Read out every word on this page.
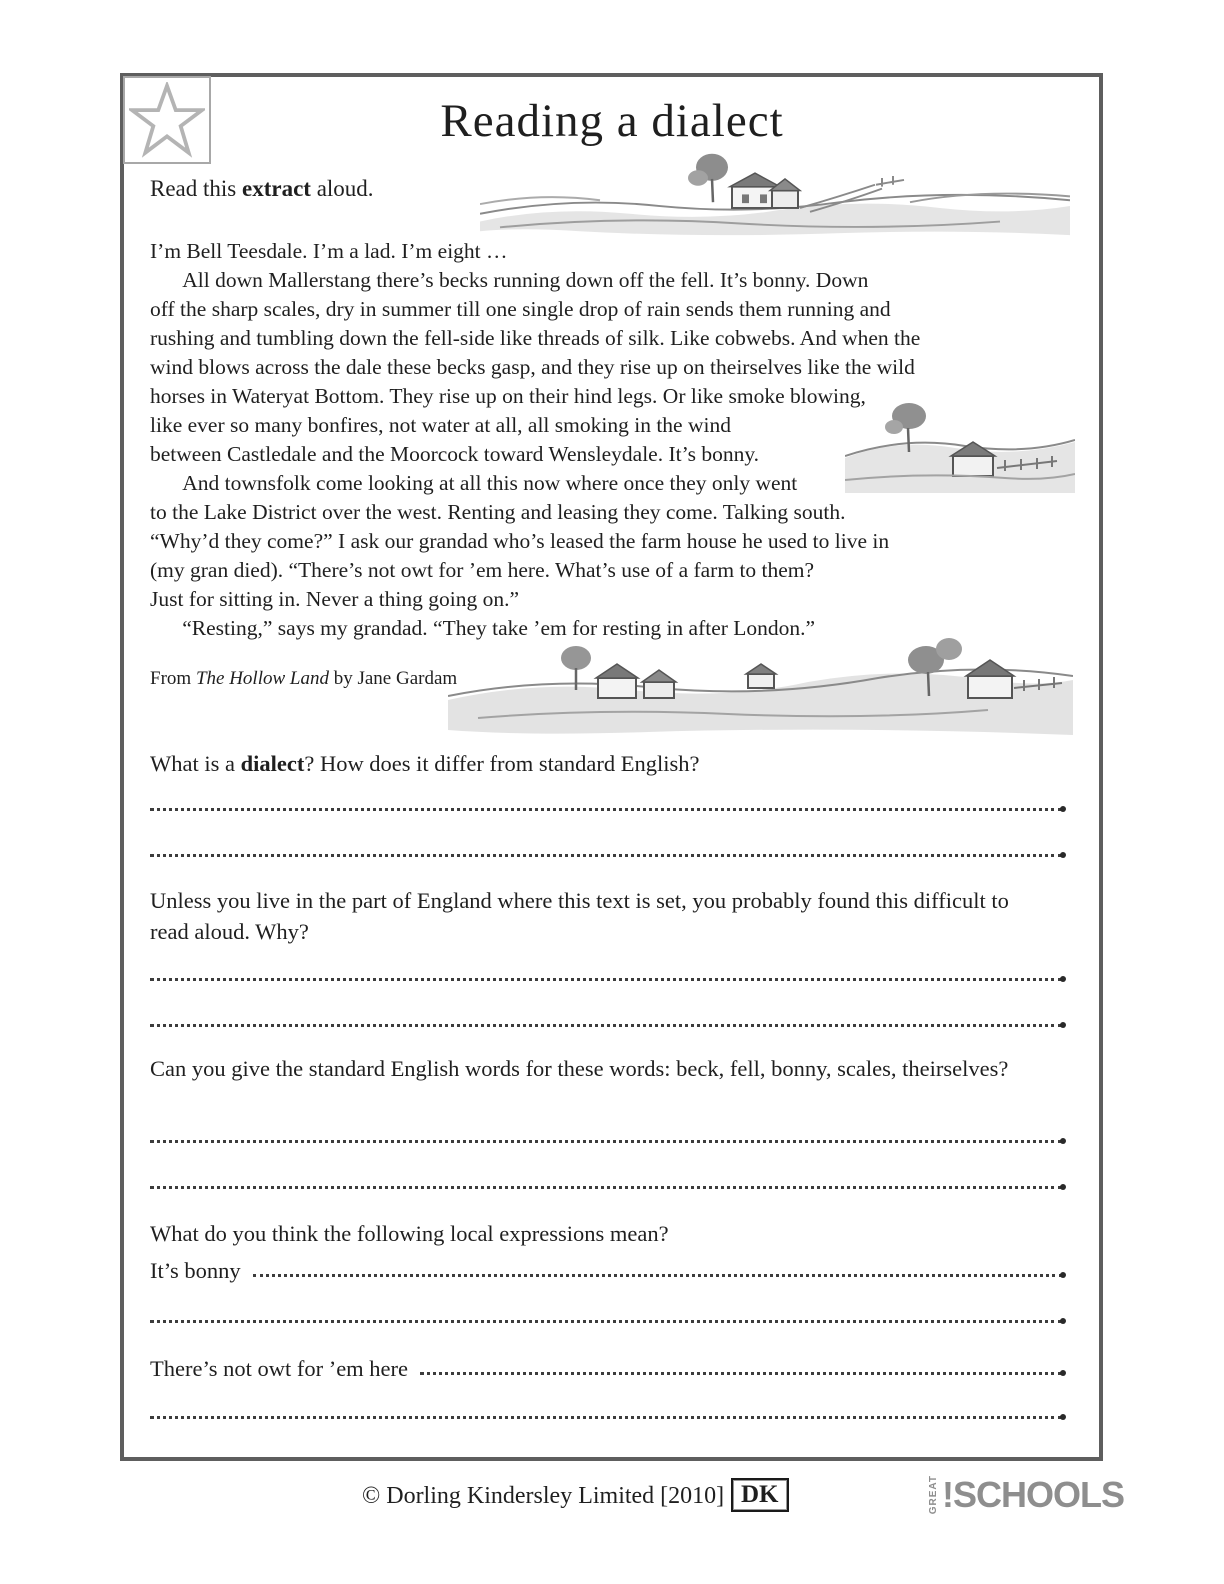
Reading a dialect

Read this extract aloud.

I’m Bell Teesdale. I’m a lad. I’m eight …
  All down Mallerstang there’s becks running down off the fell. It’s bonny. Down
off the sharp scales, dry in summer till one single drop of rain sends them running and
rushing and tumbling down the fell-side like threads of silk. Like cobwebs. And when the
wind blows across the dale these becks gasp, and they rise up on theirselves like the wild
horses in Wateryat Bottom. They rise up on their hind legs. Or like smoke blowing,
like ever so many bonfires, not water at all, all smoking in the wind
between Castledale and the Moorcock toward Wensleydale. It’s bonny.
  And townsfolk come looking at all this now where once they only went
to the Lake District over the west. Renting and leasing they come. Talking south.
“Why’d they come?” I ask our grandad who’s leased the farm house he used to live in
(my gran died). “There’s not owt for ’em here. What’s use of a farm to them?
Just for sitting in. Never a thing going on.”
  “Resting,” says my grandad. “They take ’em for resting in after London.”

From The Hollow Land by Jane Gardam

What is a dialect? How does it differ from standard English?

Unless you live in the part of England where this text is set, you probably found this difficult to read aloud. Why?

Can you give the standard English words for these words: beck, fell, bonny, scales, theirselves?

What do you think the following local expressions mean?

It’s bonny
There’s not owt for ’em here
© Dorling Kindersley Limited [2010] DK	GREAT !SCHOOLS
